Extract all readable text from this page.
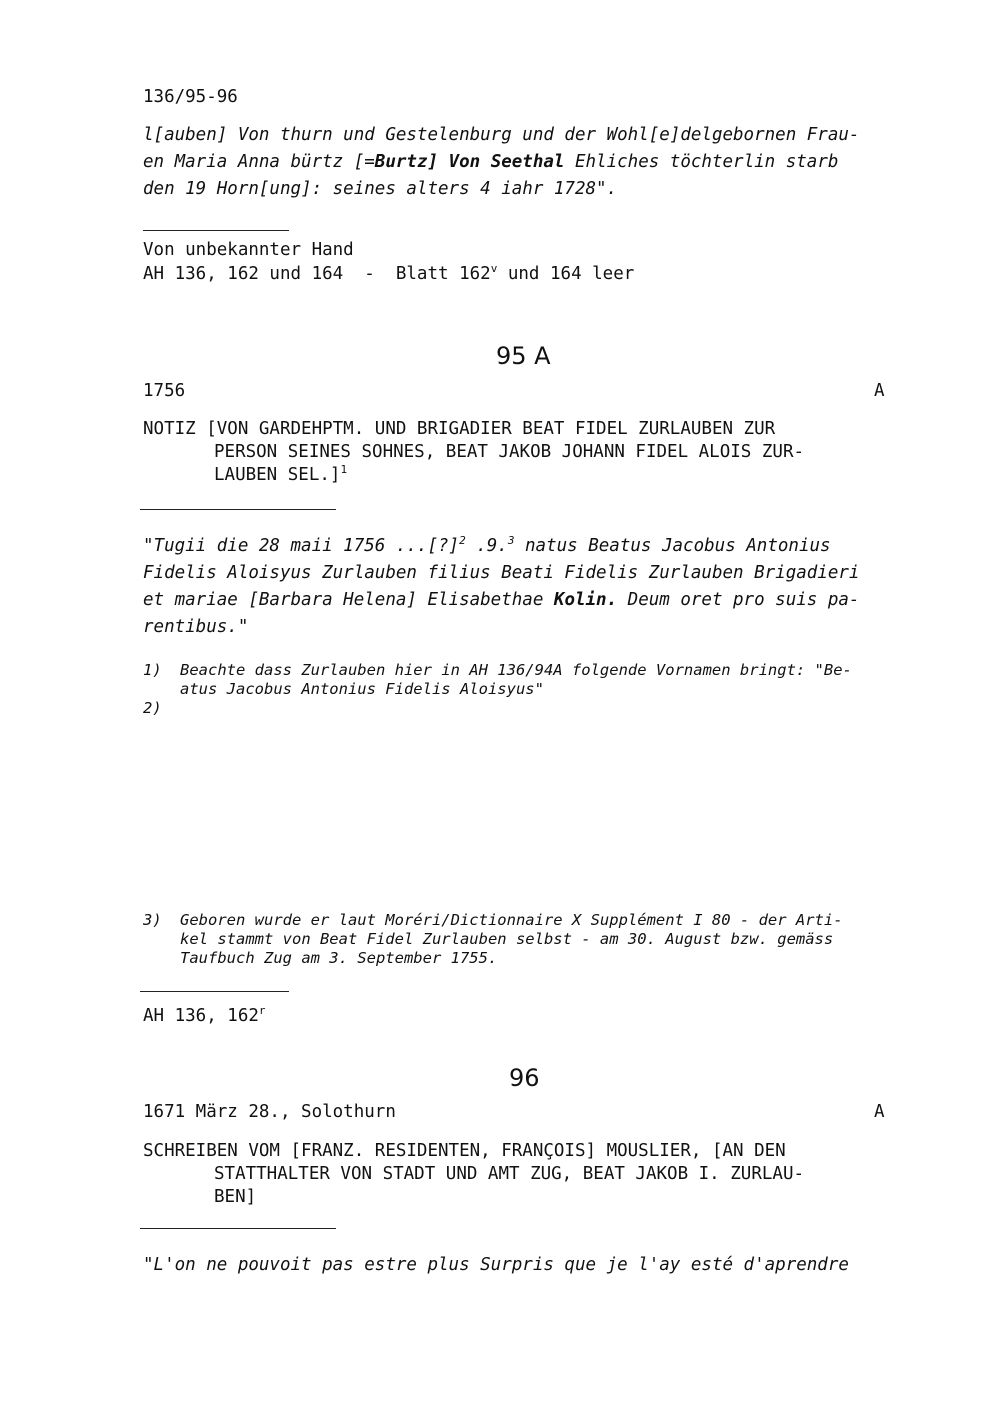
136/95-96
l[auben] Von thurn und Gestelenburg und der Wohl[e]delgebornen Frau-
en Maria Anna bürtz [=Burtz] Von Seethal Ehliches töchterlin starb
den 19 Horn[ung]: seines alters 4 iahr 1728".
Von unbekannter Hand
AH 136, 162 und 164  -  Blatt 162$^v$ und 164 leer
95 A
1756	A
NOTIZ [VON GARDEHPTM. UND BRIGADIER BEAT FIDEL ZURLAUBEN ZUR
PERSON SEINES SOHNES, BEAT JAKOB JOHANN FIDEL ALOIS ZUR-
LAUBEN SEL.]$^1$
"Tugii die 28 maii 1756 ...[?]$^2$ .9.$^3$ natus Beatus Jacobus Antonius
Fidelis Aloisyus Zurlauben filius Beati Fidelis Zurlauben Brigadieri
et mariae [Barbara Helena] Elisabethae Kolin. Deum oret pro suis pa-
rentibus."
1) Beachte dass Zurlauben hier in AH 136/94A folgende Vornamen bringt: "Be-
atus Jacobus Antonius Fidelis Aloisyus"
2)
3) Geboren wurde er laut Moréri/Dictionnaire X Supplément I 80 - der Arti-
kel stammt von Beat Fidel Zurlauben selbst - am 30. August bzw. gemäss
Taufbuch Zug am 3. September 1755.
AH 136, 162$^r$
96
1671 März 28., Solothurn	A
SCHREIBEN VOM [FRANZ. RESIDENTEN, FRANÇOIS] MOUSLIER, [AN DEN
STATTHALTER VON STADT UND AMT ZUG, BEAT JAKOB I. ZURLAU-
BEN]
"L'on ne pouvoit pas estre plus Surpris que je l'ay esté d'aprendre
